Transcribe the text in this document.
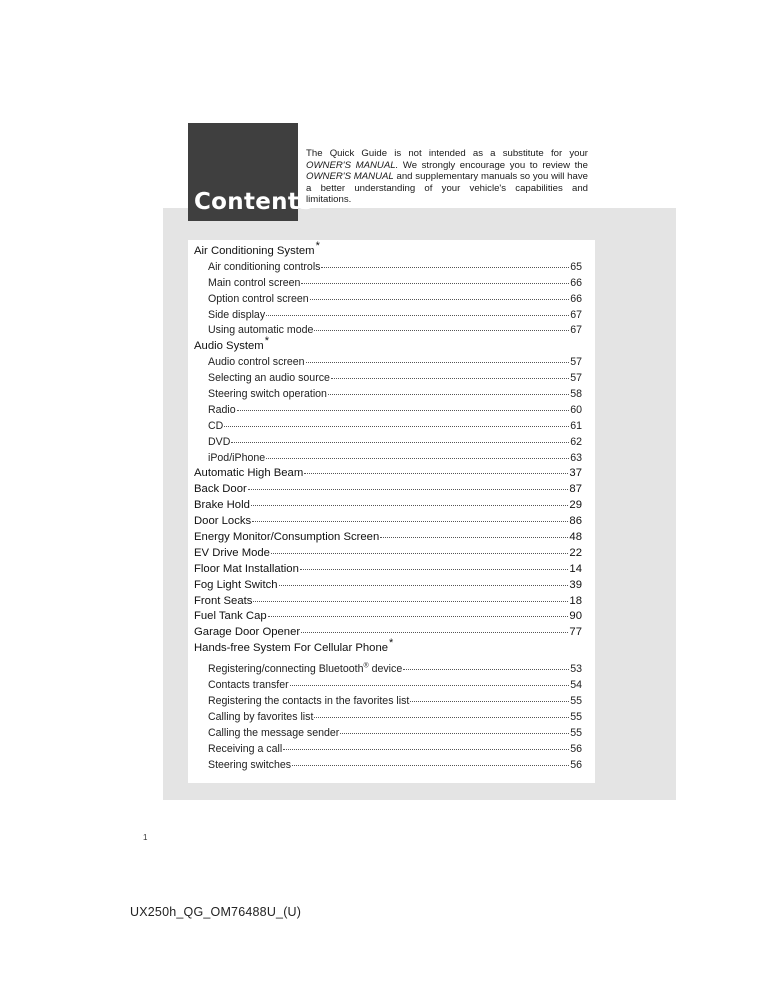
Contents
The Quick Guide is not intended as a substitute for your OWNER'S MANUAL. We strongly encourage you to review the OWNER'S MANUAL and supplementary manuals so you will have a better understanding of your vehicle's capabilities and limitations.
Air Conditioning System*
Air conditioning controls	65
Main control screen	66
Option control screen	66
Side display	67
Using automatic mode	67
Audio System*
Audio control screen	57
Selecting an audio source	57
Steering switch operation	58
Radio	60
CD	61
DVD	62
iPod/iPhone	63
Automatic High Beam	37
Back Door	87
Brake Hold	29
Door Locks	86
Energy Monitor/Consumption Screen	48
EV Drive Mode	22
Floor Mat Installation	14
Fog Light Switch	39
Front Seats	18
Fuel Tank Cap	90
Garage Door Opener	77
Hands-free System For Cellular Phone*
Registering/connecting Bluetooth® device	53
Contacts transfer	54
Registering the contacts in the favorites list	55
Calling by favorites list	55
Calling the message sender	55
Receiving a call	56
Steering switches	56
1
UX250h_QG_OM76488U_(U)
